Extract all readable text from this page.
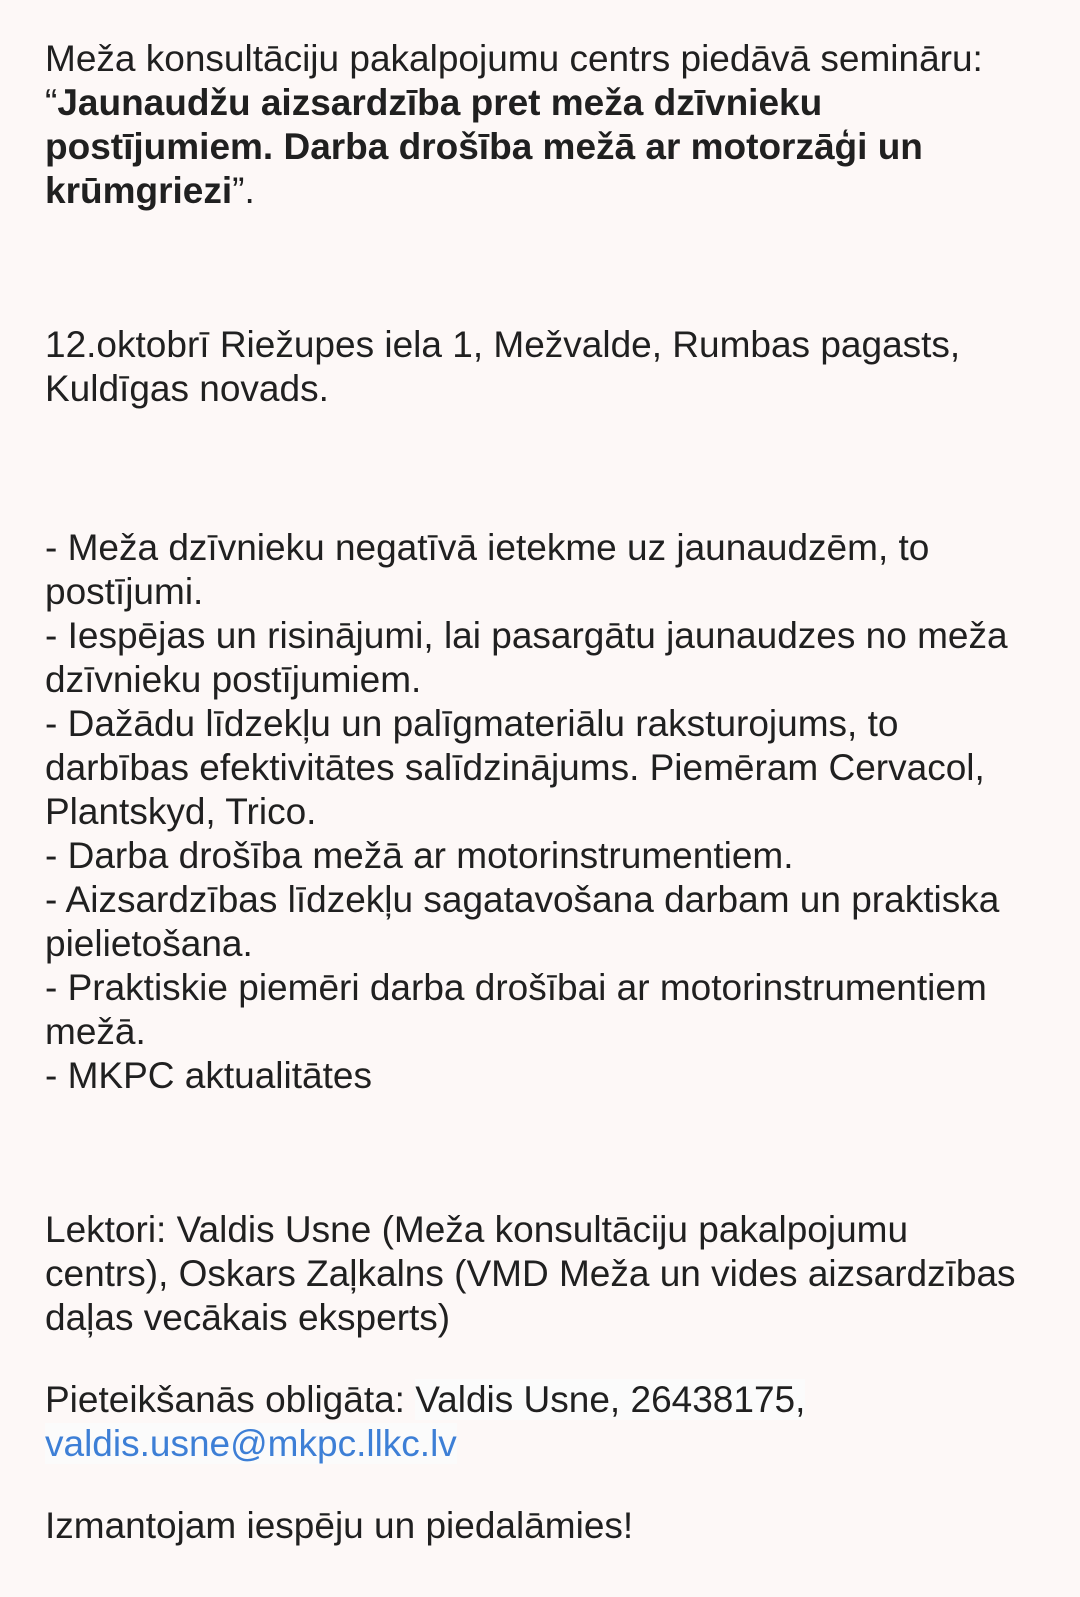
Meža konsultāciju pakalpojumu centrs piedāvā semināru:
“Jaunaudžu aizsardzība pret meža dzīvnieku postījumiem. Darba drošība mežā ar motorzāģi un krūmgriezi”.

12.oktobrī Riežupes iela 1, Mežvalde, Rumbas pagasts, Kuldīgas novads.

- Meža dzīvnieku negatīvā ietekme uz jaunaudzēm, to postījumi.
- Iespējas un risinājumi, lai pasargātu jaunaudzes no meža dzīvnieku postījumiem.
- Dažādu līdzekļu un palīgmateriālu raksturojums, to darbības efektivitātes salīdzinājums. Piemēram Cervacol, Plantskyd, Trico.
- Darba drošība mežā ar motorinstrumentiem.
- Aizsardzības līdzekļu sagatavošana darbam un praktiska pielietošana.
- Praktiskie piemēri darba drošībai ar motorinstrumentiem mežā.
- MKPC aktualitātes

Lektori: Valdis Usne (Meža konsultāciju pakalpojumu centrs), Oskars Zaļkalns (VMD Meža un vides aizsardzības daļas vecākais eksperts)

Pieteikšanās obligāta: Valdis Usne, 26438175,
valdis.usne@mkpc.llkc.lv

Izmantojam iespēju un piedalāmies!
